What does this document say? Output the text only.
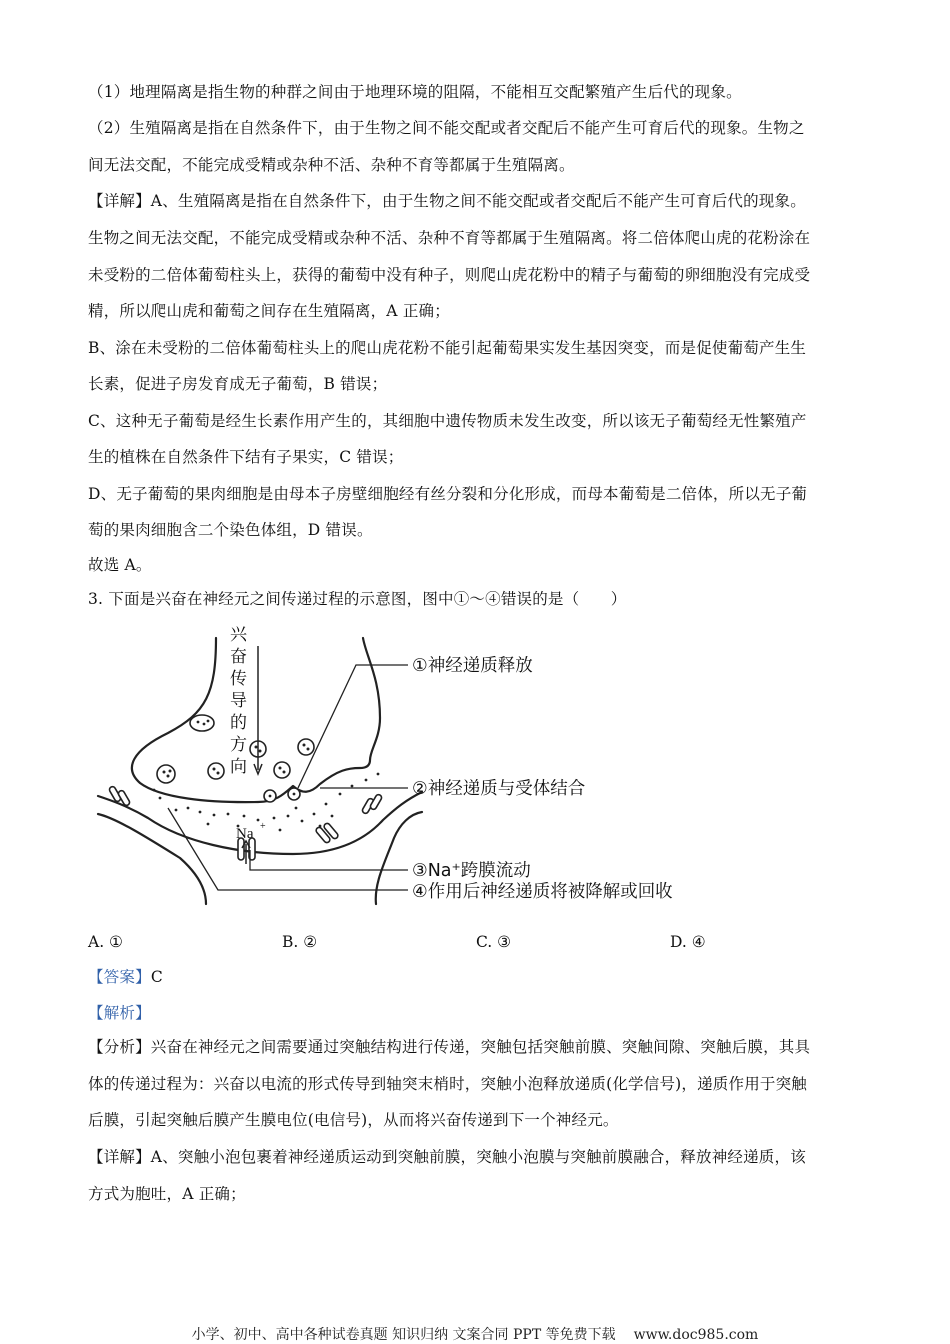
（1）地理隔离是指生物的种群之间由于地理环境的阻隔，不能相互交配繁殖产生后代的现象。
（2）生殖隔离是指在自然条件下，由于生物之间不能交配或者交配后不能产生可育后代的现象。生物之
间无法交配，不能完成受精或杂种不活、杂种不育等都属于生殖隔离。
【详解】A、生殖隔离是指在自然条件下，由于生物之间不能交配或者交配后不能产生可育后代的现象。
生物之间无法交配，不能完成受精或杂种不活、杂种不育等都属于生殖隔离。将二倍体爬山虎的花粉涂在
未受粉的二倍体葡萄柱头上，获得的葡萄中没有种子，则爬山虎花粉中的精子与葡萄的卵细胞没有完成受
精，所以爬山虎和葡萄之间存在生殖隔离，A 正确；
B、涂在未受粉的二倍体葡萄柱头上的爬山虎花粉不能引起葡萄果实发生基因突变，而是促使葡萄产生生
长素，促进子房发育成无子葡萄，B 错误；
C、这种无子葡萄是经生长素作用产生的，其细胞中遗传物质未发生改变，所以该无子葡萄经无性繁殖产
生的植株在自然条件下结有子果实，C 错误；
D、无子葡萄的果肉细胞是由母本子房壁细胞经有丝分裂和分化形成，而母本葡萄是二倍体，所以无子葡
萄的果肉细胞含二个染色体组，D 错误。
故选 A。
3. 下面是兴奋在神经元之间传递过程的示意图，图中①～④错误的是（　　）
Na +
兴
奋
传
导
的
方
向
①神经递质释放
②神经递质与受体结合
③Na⁺跨膜流动
④作用后神经递质将被降解或回收
A. ①	B. ②	C. ③	D. ④
【答案】C
【解析】
【分析】兴奋在神经元之间需要通过突触结构进行传递，突触包括突触前膜、突触间隙、突触后膜，其具
体的传递过程为：兴奋以电流的形式传导到轴突末梢时，突触小泡释放递质(化学信号)，递质作用于突触
后膜，引起突触后膜产生膜电位(电信号)，从而将兴奋传递到下一个神经元。
【详解】A、突触小泡包裹着神经递质运动到突触前膜，突触小泡膜与突触前膜融合，释放神经递质，该
方式为胞吐，A 正确；
小学、初中、高中各种试卷真题 知识归纳 文案合同 PPT 等免费下载 www.doc985.com
